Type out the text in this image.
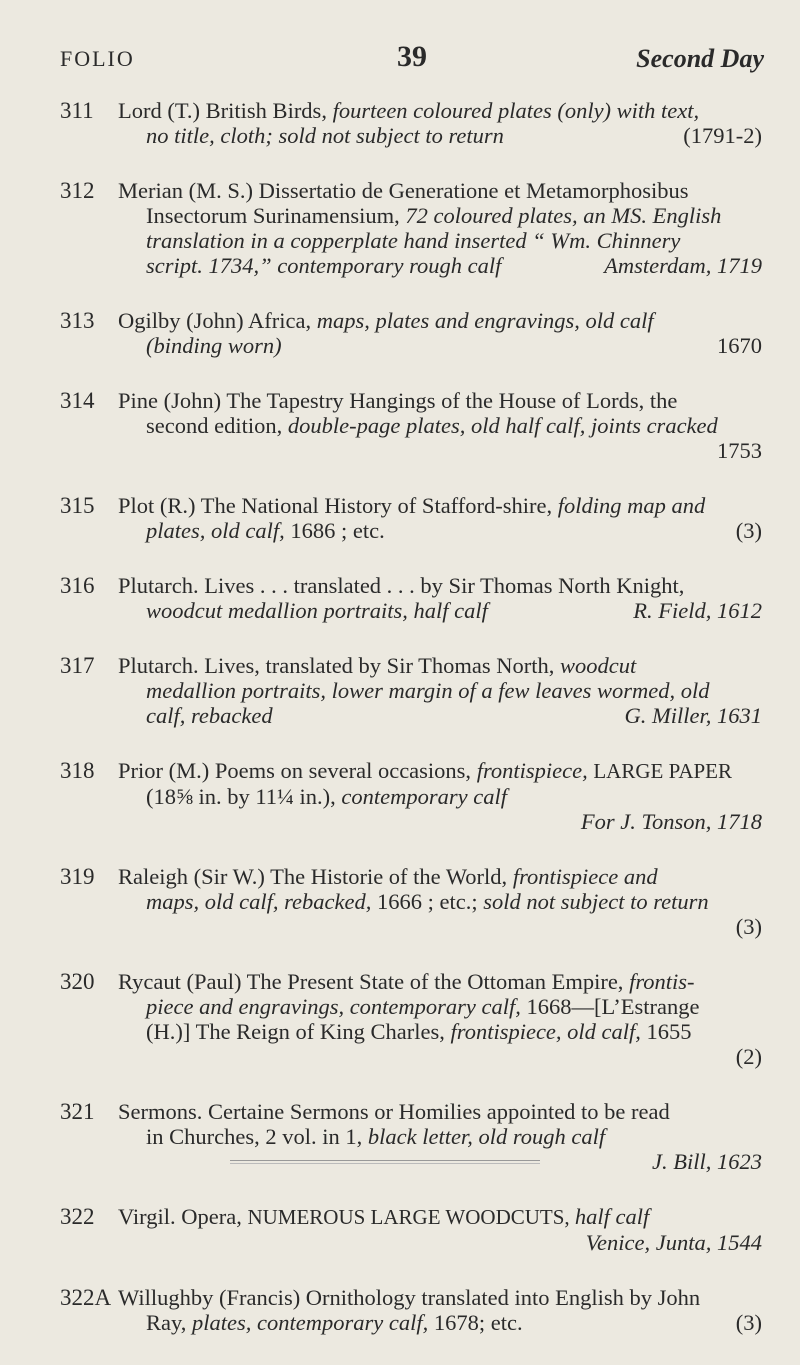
FOLIO	39	Second Day
311 Lord (T.) British Birds, fourteen coloured plates (only) with text,
no title, cloth; sold not subject to return	(1791-2)
312 Merian (M. S.) Dissertatio de Generatione et Metamorphosibus
Insectorum Surinamensium, 72 coloured plates, an MS. English
translation in a copperplate hand inserted “ Wm. Chinnery
script. 1734,” contemporary rough calf	Amsterdam, 1719
313 Ogilby (John) Africa, maps, plates and engravings, old calf
(binding worn)	1670
314 Pine (John) The Tapestry Hangings of the House of Lords, the
second edition, double-page plates, old half calf, joints cracked
1753
315 Plot (R.) The National History of Stafford-shire, folding map and
plates, old calf, 1686 ; etc.	(3)
316 Plutarch. Lives . . . translated . . . by Sir Thomas North Knight,
woodcut medallion portraits, half calf	R. Field, 1612
317 Plutarch. Lives, translated by Sir Thomas North, woodcut
medallion portraits, lower margin of a few leaves wormed, old
calf, rebacked	G. Miller, 1631
318 Prior (M.) Poems on several occasions, frontispiece, LARGE PAPER
(18⅝ in. by 11¼ in.), contemporary calf
For J. Tonson, 1718
319 Raleigh (Sir W.) The Historie of the World, frontispiece and
maps, old calf, rebacked, 1666 ; etc.; sold not subject to return
(3)
320 Rycaut (Paul) The Present State of the Ottoman Empire, frontis-
piece and engravings, contemporary calf, 1668—[L’Estrange
(H.)] The Reign of King Charles, frontispiece, old calf, 1655
(2)
321 Sermons. Certaine Sermons or Homilies appointed to be read
in Churches, 2 vol. in 1, black letter, old rough calf
J. Bill, 1623
322 Virgil. Opera, NUMEROUS LARGE WOODCUTS, half calf
Venice, Junta, 1544
322A Willughby (Francis) Ornithology translated into English by John
Ray, plates, contemporary calf, 1678; etc.	(3)
